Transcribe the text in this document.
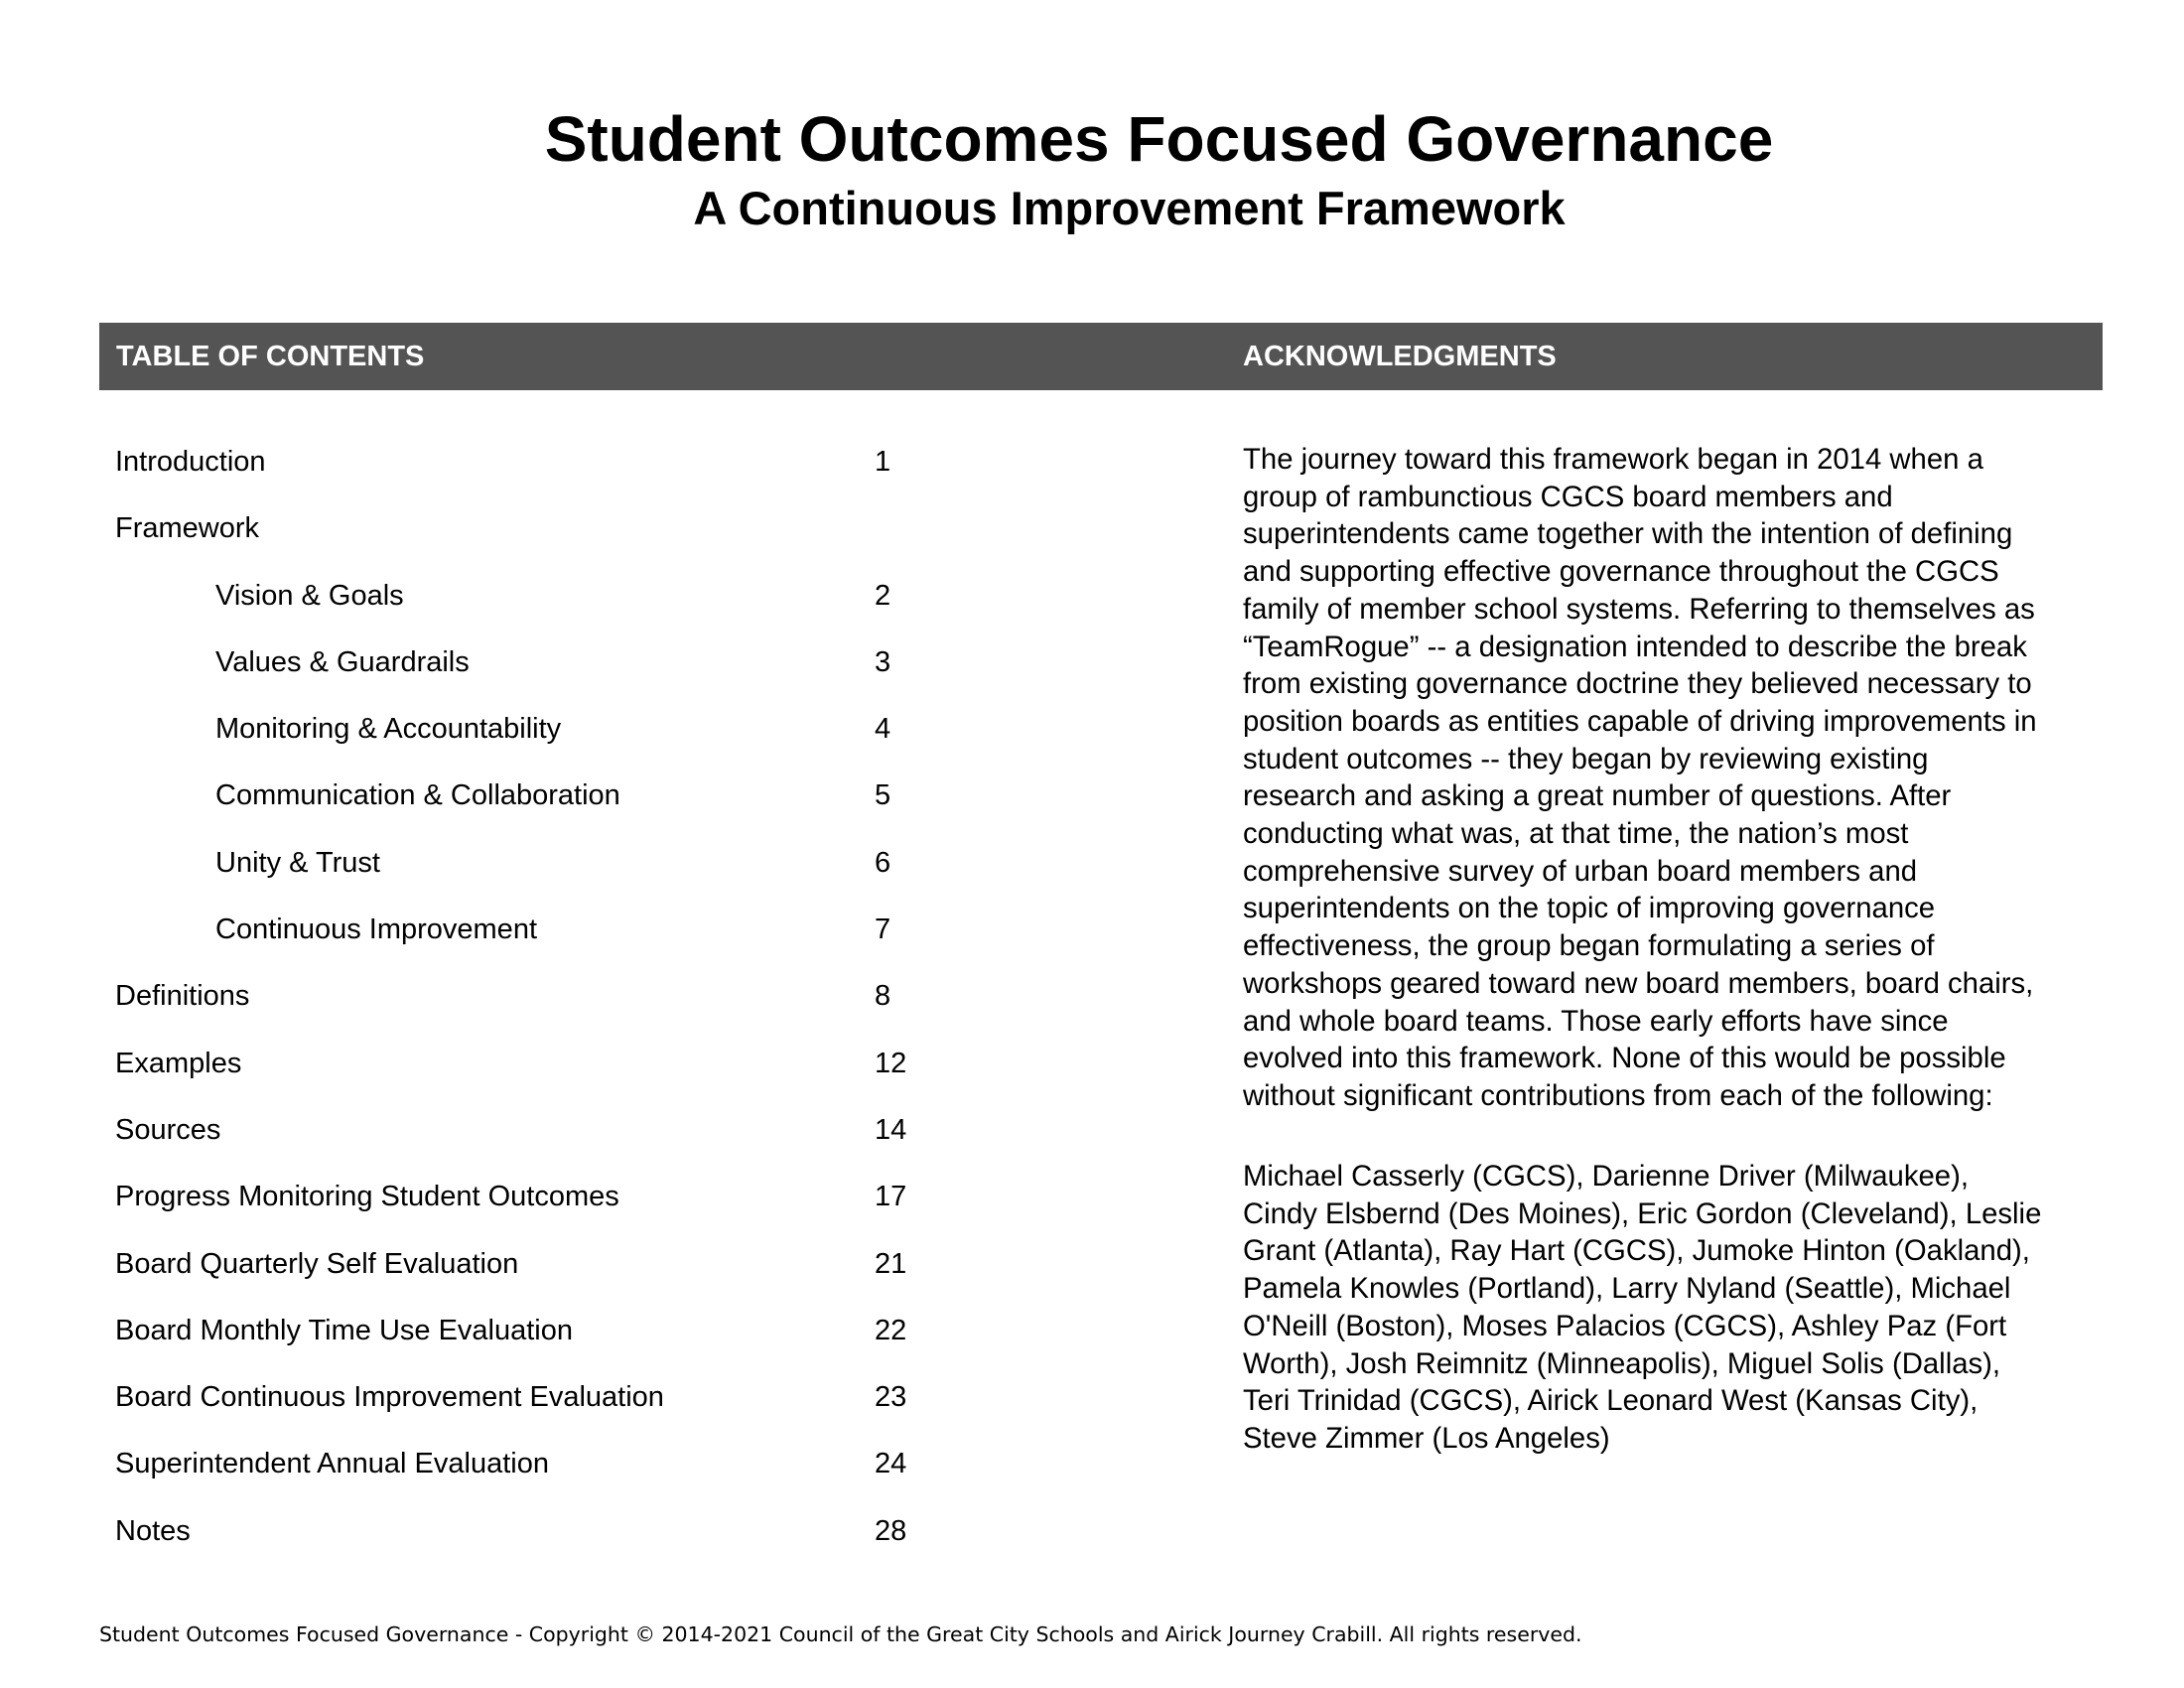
Student Outcomes Focused Governance
A Continuous Improvement Framework
TABLE OF CONTENTS	ACKNOWLEDGMENTS
Introduction	1
Framework
Vision & Goals	2
Values & Guardrails	3
Monitoring & Accountability	4
Communication & Collaboration	5
Unity & Trust	6
Continuous Improvement	7
Definitions	8
Examples	12
Sources	14
Progress Monitoring Student Outcomes	17
Board Quarterly Self Evaluation	21
Board Monthly Time Use Evaluation	22
Board Continuous Improvement Evaluation	23
Superintendent Annual Evaluation	24
Notes	28
The journey toward this framework began in 2014 when a
group of rambunctious CGCS board members and
superintendents came together with the intention of defining
and supporting effective governance throughout the CGCS
family of member school systems. Referring to themselves as
“TeamRogue” -- a designation intended to describe the break
from existing governance doctrine they believed necessary to
position boards as entities capable of driving improvements in
student outcomes -- they began by reviewing existing
research and asking a great number of questions. After
conducting what was, at that time, the nation’s most
comprehensive survey of urban board members and
superintendents on the topic of improving governance
effectiveness, the group began formulating a series of
workshops geared toward new board members, board chairs,
and whole board teams. Those early efforts have since
evolved into this framework. None of this would be possible
without significant contributions from each of the following:
Michael Casserly (CGCS), Darienne Driver (Milwaukee),
Cindy Elsbernd (Des Moines), Eric Gordon (Cleveland), Leslie
Grant (Atlanta), Ray Hart (CGCS), Jumoke Hinton (Oakland),
Pamela Knowles (Portland), Larry Nyland (Seattle), Michael
O'Neill (Boston), Moses Palacios (CGCS), Ashley Paz (Fort
Worth), Josh Reimnitz (Minneapolis), Miguel Solis (Dallas),
Teri Trinidad (CGCS), Airick Leonard West (Kansas City),
Steve Zimmer (Los Angeles)
Student Outcomes Focused Governance - Copyright © 2014-2021 Council of the Great City Schools and Airick Journey Crabill. All rights reserved.
